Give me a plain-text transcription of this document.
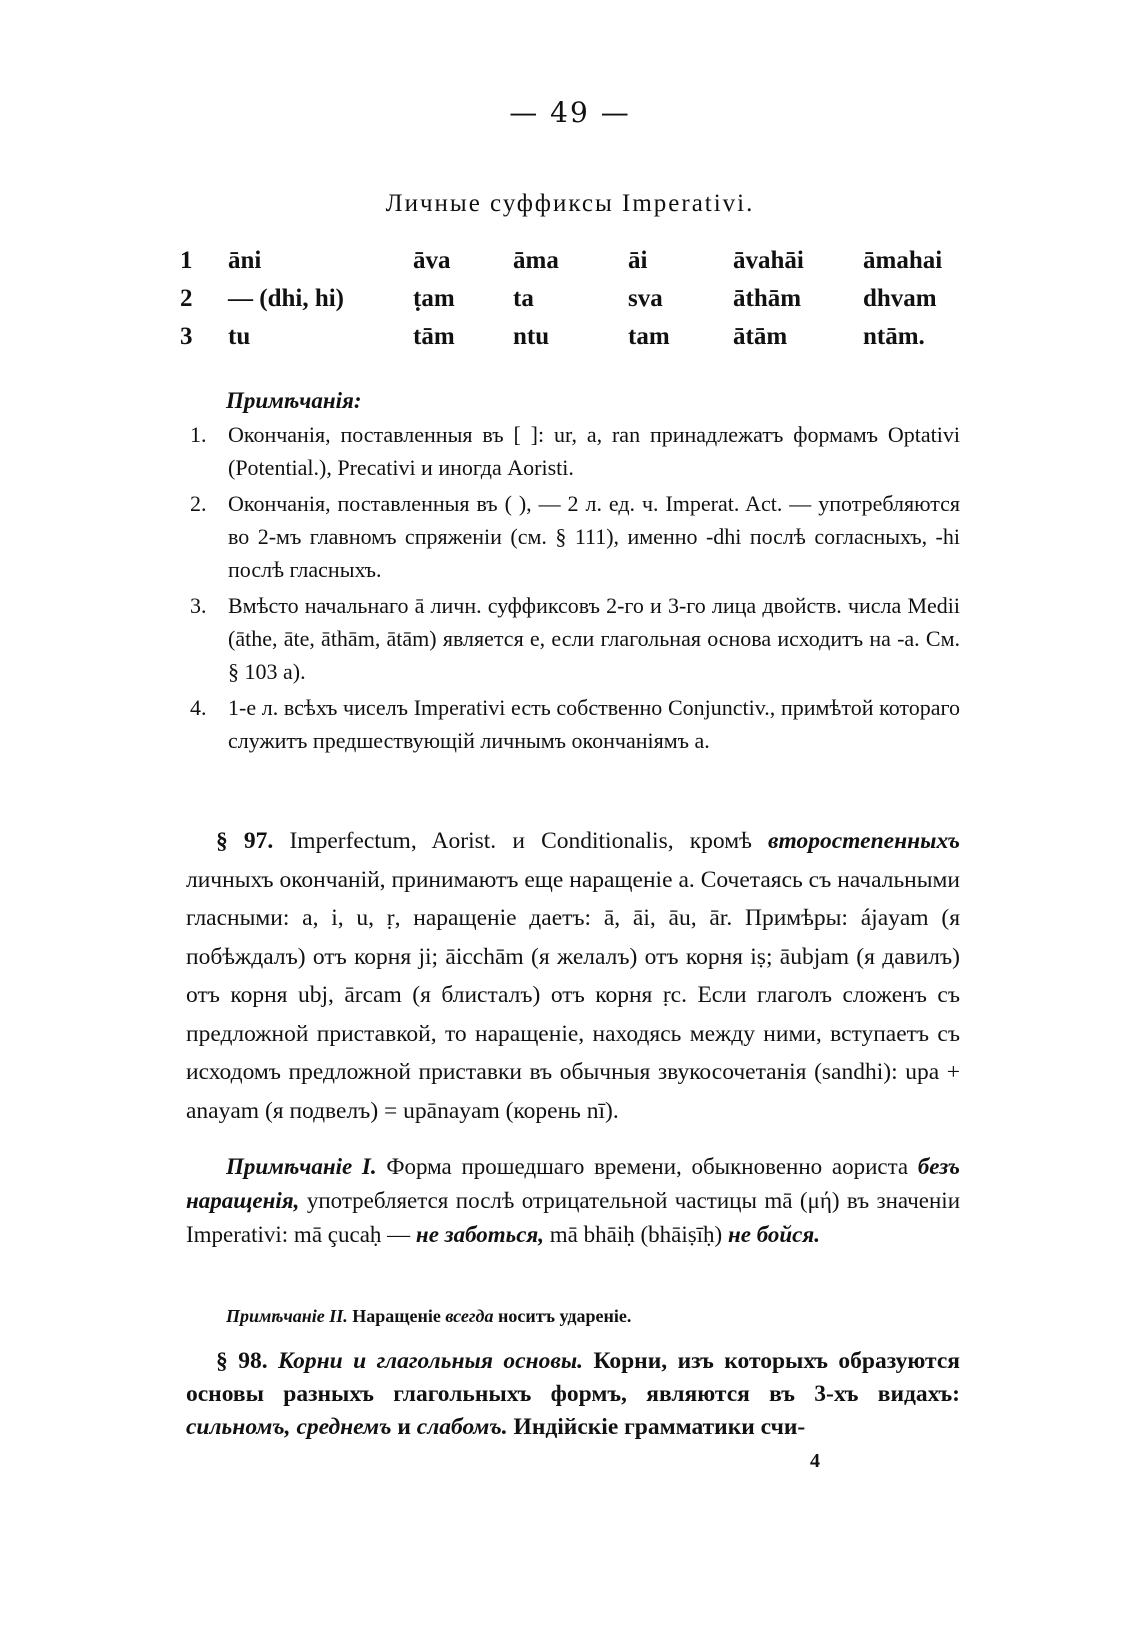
— 49 —
Личные суффиксы Imperativi.
1	āni	āva	āma	āi	āvahāi	āmahai
2	— (dhi, hi)	ṭam	ta	sva	āthām	dhvam
3	tu	tām	ntu	tam	ātām	ntām.
Примѣчанія:
1. Окончанія, поставленныя въ [ ]: ur, a, ran принадлежатъ формамъ Optativi (Potential.), Precativi и иногда Aoristi.
2. Окончанія, поставленныя въ ( ), — 2 л. ед. ч. Imperat. Act. — употребляются во 2-мъ главномъ спряженіи (см. § 111), именно -dhi послѣ согласныхъ, -hi послѣ гласныхъ.
3. Вмѣсто начальнаго ā личн. суффиксовъ 2-го и 3-го лица двойств. числа Medii (āthe, āte, āthām, ātām) является e, если глагольная основа исходитъ на -a. См. § 103 a).
4. 1-е л. всѣхъ чиселъ Imperativi есть собственно Conjunctiv., примѣтой котораго служитъ предшествующій личнымъ окончаніямъ a.
§ 97. Imperfectum, Aorist. и Conditionalis, кромѣ второстепенныхъ личныхъ окончаній, принимаютъ еще наращеніе a. Сочетаясь съ начальными гласными: a, i, u, ṛ, наращеніе даетъ: ā, āi, āu, ār. Примѣры: ájayam (я побѣждалъ) отъ корня ji; āicchām (я желалъ) отъ корня iṣ; āubjam (я давилъ) отъ корня ubj, ārcam (я блисталъ) отъ корня ṛc. Если глаголъ сложенъ съ предложной приставкой, то наращеніе, находясь между ними, вступаетъ съ исходомъ предложной приставки въ обычныя звукосочетанія (sandhi): upa + anayam (я подвелъ) = upānayam (корень nī).
Примѣчаніе I. Форма прошедшаго времени, обыкновенно аориста безъ наращенія, употребляется послѣ отрицательной частицы mā (μή) въ значеніи Imperativi: mā çucaḥ — не заботься, mā bhāiḥ (bhāiṣīḥ) не бойся.
Примѣчаніе II. Наращеніе всегда носитъ удареніе.
§ 98. Корни и глагольныя основы. Корни, изъ которыхъ образуются основы разныхъ глагольныхъ формъ, являются въ 3-хъ видахъ: сильномъ, среднемъ и слабомъ. Индійскіе грамматики счи-
4
